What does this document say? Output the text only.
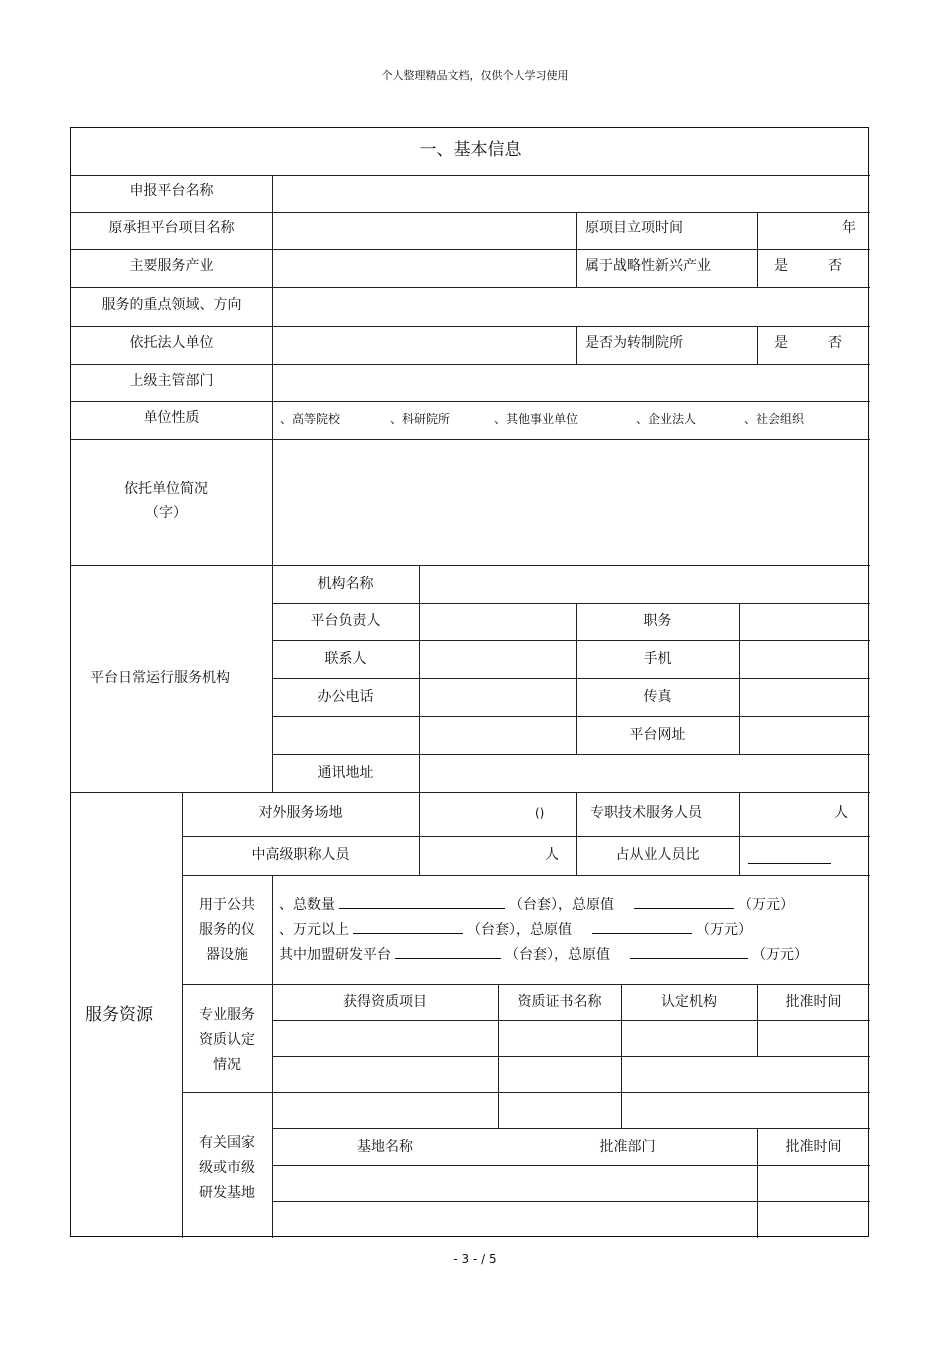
个人整理精品文档，仅供个人学习使用
一、基本信息
申报平台名称
原承担平台项目名称	原项目立项时间	年
主要服务产业	属于战略性新兴产业	是	否
服务的重点领域、方向
依托法人单位	是否为转制院所	是	否
上级主管部门
单位性质	、高等院校	、科研院所	、其他事业单位	、企业法人	、社会组织
依托单位简况
（字）
平台日常运行服务机构
机构名称
平台负责人	职务
联系人	手机
办公电话	传真
平台网址
通讯地址
服务资源
对外服务场地	()	专职技术服务人员	人
中高级职称人员	人	占从业人员比
用于公共
服务的仪
器设施
、总数量	（台套），总原值	（万元）
、万元以上	（台套），总原值	（万元）
其中加盟研发平台	（台套），总原值	（万元）
专业服务
资质认定
情况
获得资质项目	资质证书名称	认定机构	批准时间
有关国家
级或市级
研发基地
基地名称	批准部门	批准时间
- 3 - / 5
